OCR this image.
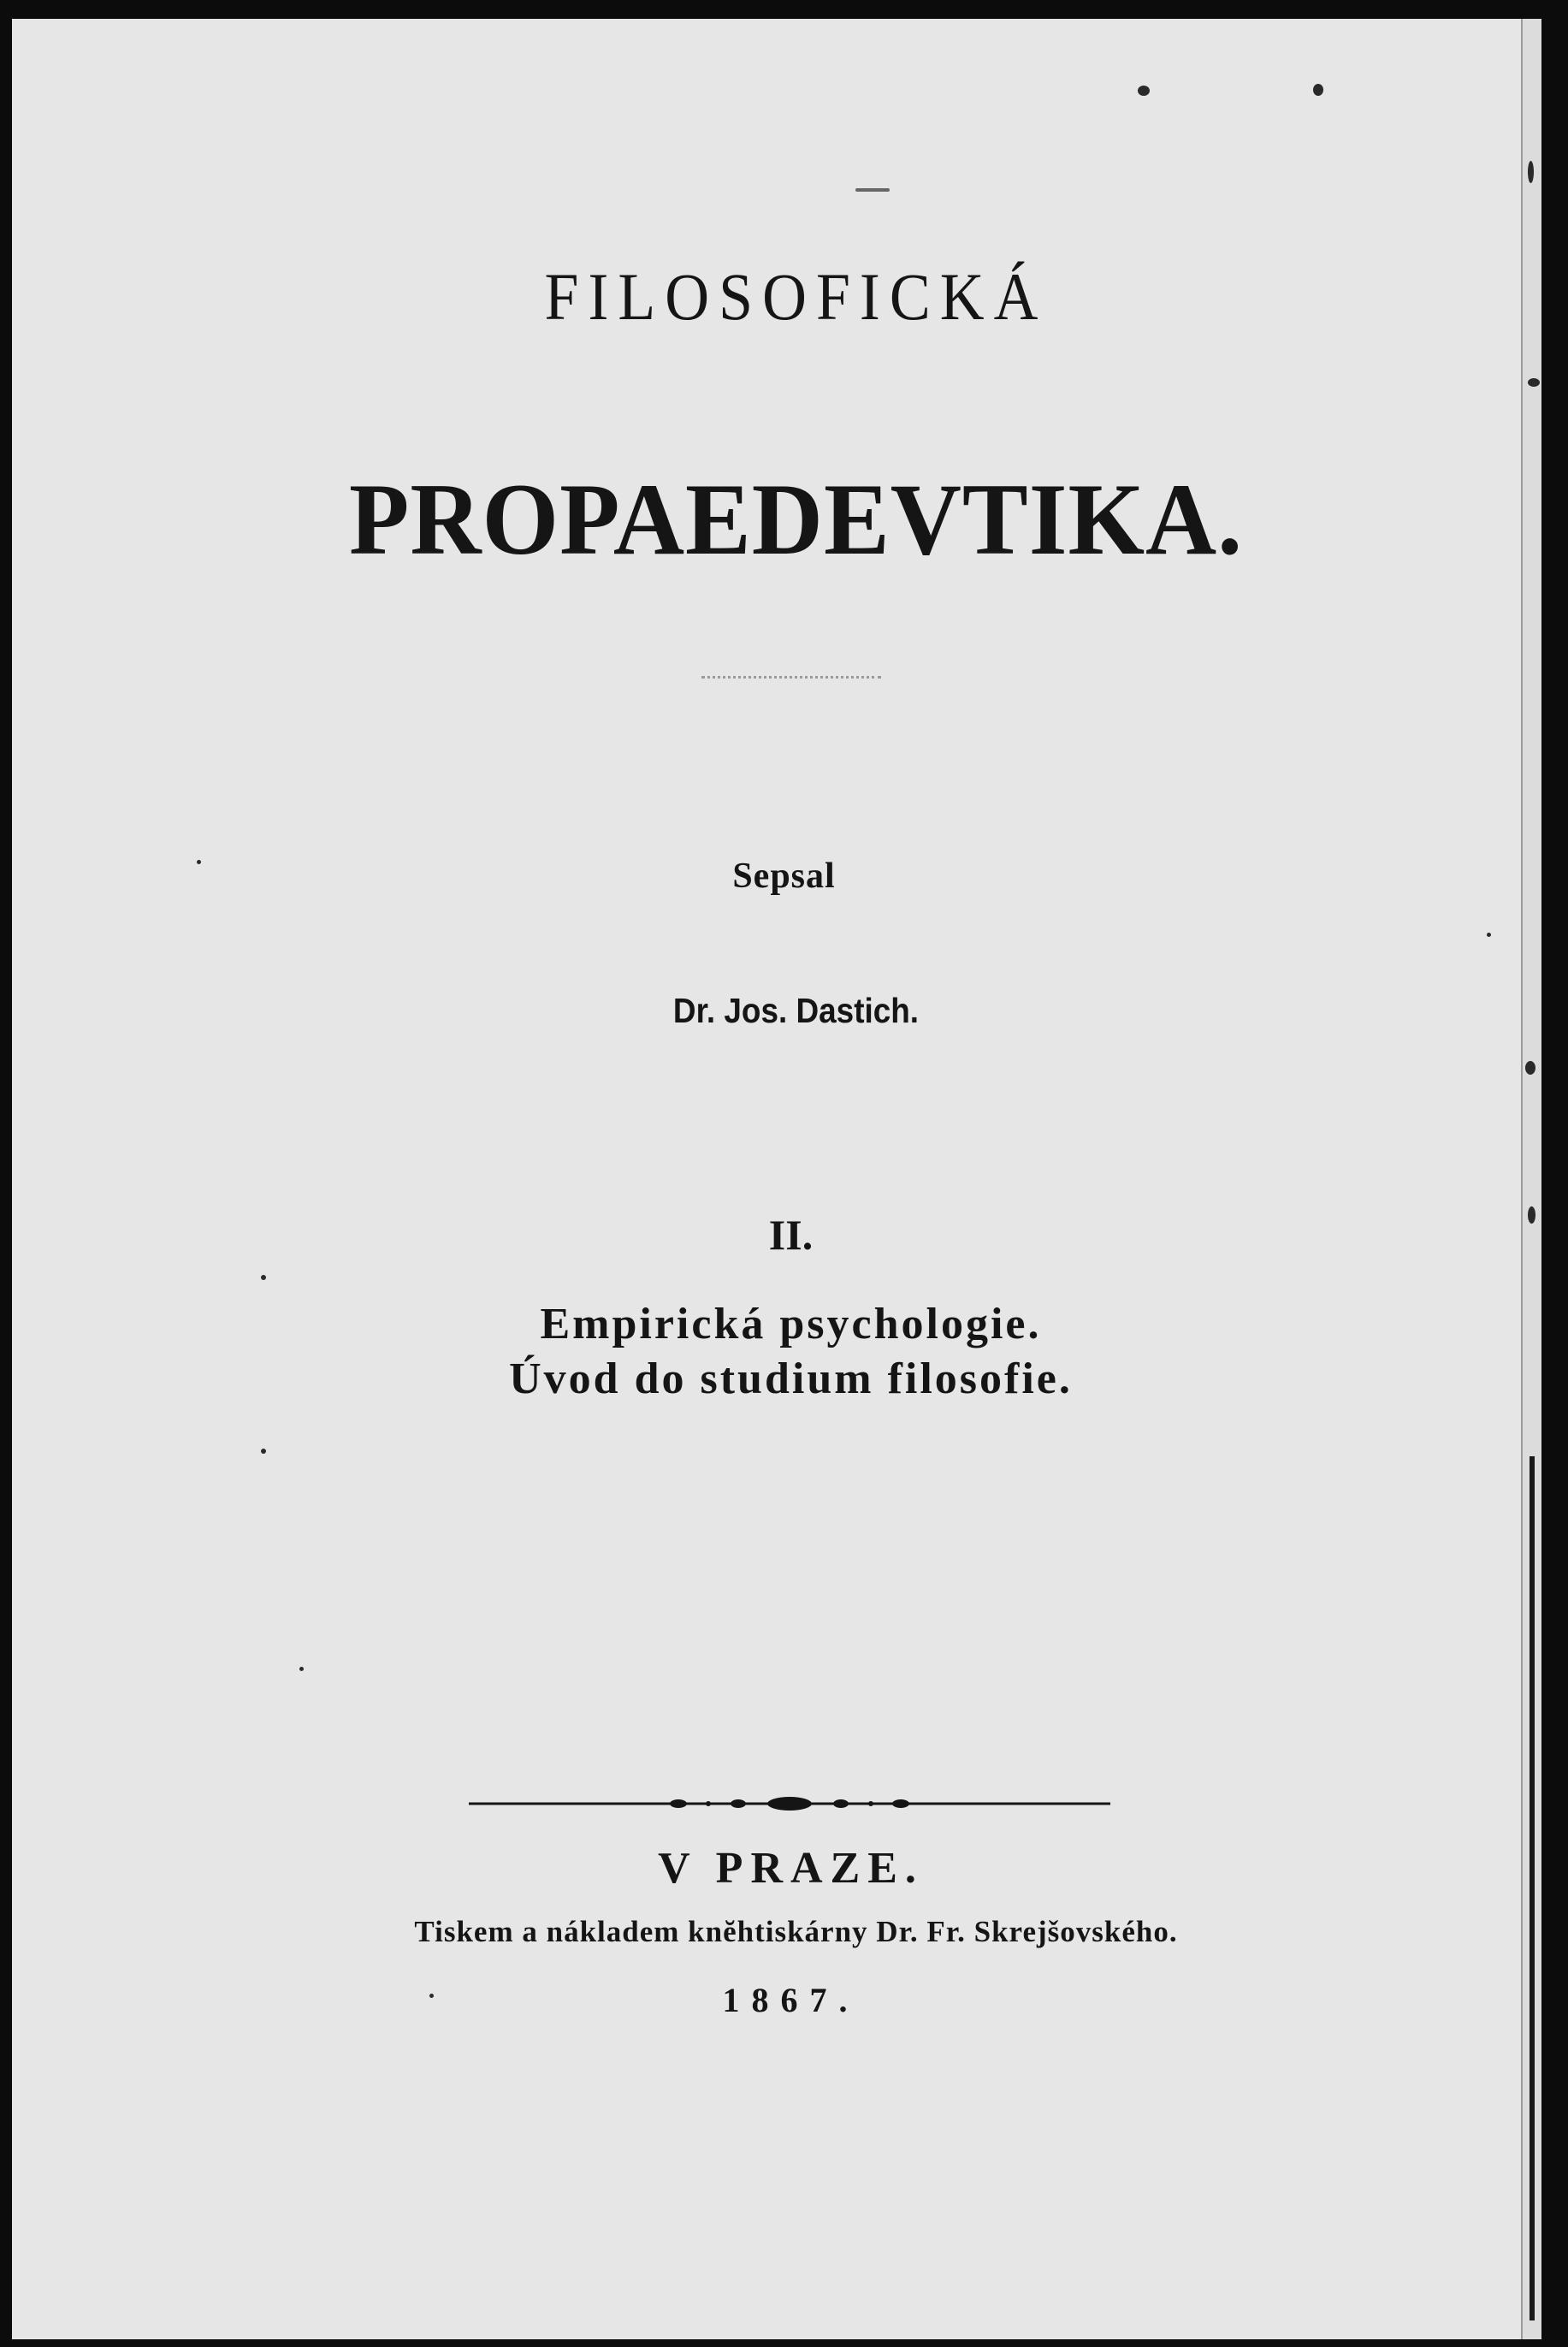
FILOSOFICKÁ
PROPAEDEVTIKA.
Sepsal
Dr. Jos. Dastich.
II.
Empirická psychologie.
Úvod do studium filosofie.
V PRAZE.
Tiskem a nákladem knĕhtiskárny Dr. Fr. Skrejšovského.
1867.
